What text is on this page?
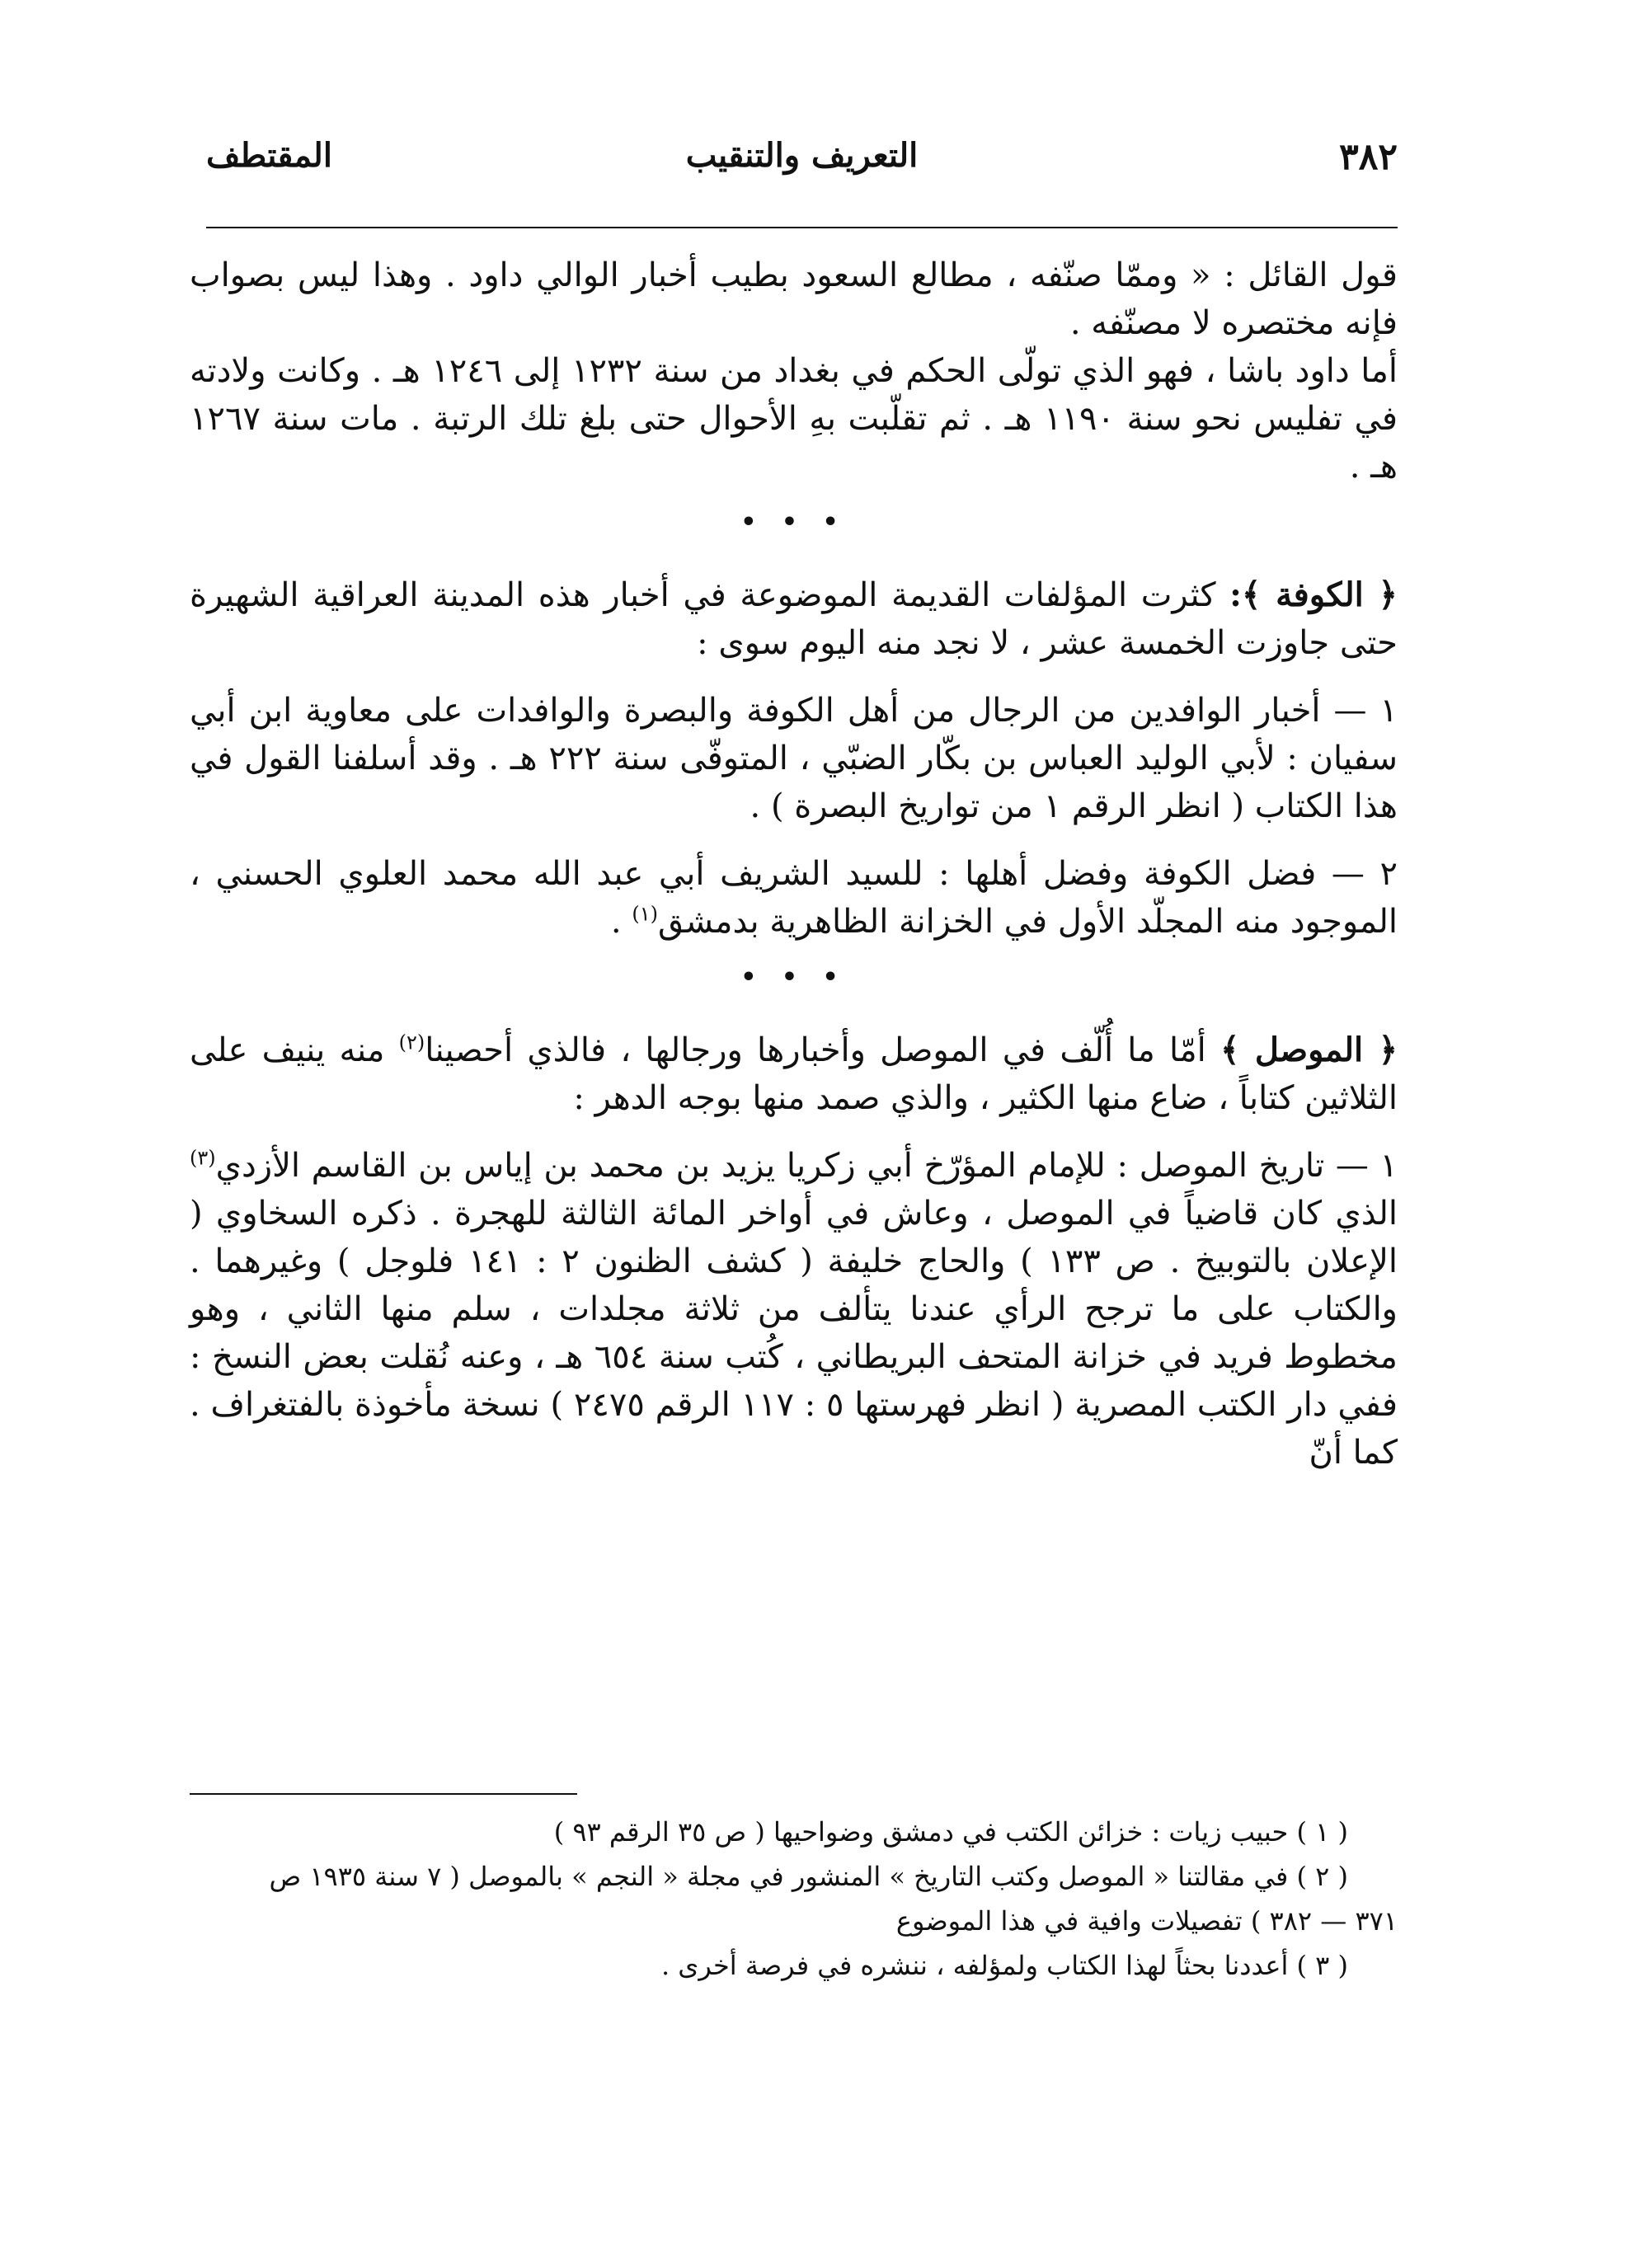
٣٨٢
التعريف والتنقيب
المقتطف

قول القائل : « وممّا صنّفه ، مطالع السعود بطيب أخبار الوالي داود . وهذا ليس بصواب فإنه مختصره لا مصنّفه .

أما داود باشا ، فهو الذي تولّى الحكم في بغداد من سنة ١٢٣٢ إلى ١٢٤٦ هـ . وكانت ولادته في تفليس نحو سنة ١١٩٠ هـ . ثم تقلّبت بهِ الأحوال حتى بلغ تلك الرتبة . مات سنة ١٢٦٧ هـ .

• • •

﴿ الكوفة ﴾: كثرت المؤلفات القديمة الموضوعة في أخبار هذه المدينة العراقية الشهيرة حتى جاوزت الخمسة عشر ، لا نجد منه اليوم سوى :

١ — أخبار الوافدين من الرجال من أهل الكوفة والبصرة والوافدات على معاوية ابن أبي سفيان : لأبي الوليد العباس بن بكّار الضبّي ، المتوفّى سنة ٢٢٢ هـ . وقد أسلفنا القول في هذا الكتاب ( انظر الرقم ١ من تواريخ البصرة ) .

٢ — فضل الكوفة وفضل أهلها : للسيد الشريف أبي عبد الله محمد العلوي الحسني ، الموجود منه المجلّد الأول في الخزانة الظاهرية بدمشق$^{(١)}$ .

• • •

﴿ الموصل ﴾ أمّا ما أُلّف في الموصل وأخبارها ورجالها ، فالذي أحصينا$^{(٢)}$ منه ينيف على الثلاثين كتاباً ، ضاع منها الكثير ، والذي صمد منها بوجه الدهر :

١ — تاريخ الموصل : للإمام المؤرّخ أبي زكريا يزيد بن محمد بن إياس بن القاسم الأزدي$^{(٣)}$ الذي كان قاضياً في الموصل ، وعاش في أواخر المائة الثالثة للهجرة . ذكره السخاوي ( الإعلان بالتوبيخ . ص ١٣٣ ) والحاج خليفة ( كشف الظنون ٢ : ١٤١ فلوجل ) وغيرهما . والكتاب على ما ترجح الرأي عندنا يتألف من ثلاثة مجلدات ، سلم منها الثاني ، وهو مخطوط فريد في خزانة المتحف البريطاني ، كُتب سنة ٦٥٤ هـ ، وعنه نُقلت بعض النسخ : ففي دار الكتب المصرية ( انظر فهرستها ٥ : ١١٧ الرقم ٢٤٧٥ ) نسخة مأخوذة بالفتغراف . كما أنّ

( ١ ) حبيب زيات : خزائن الكتب في دمشق وضواحيها ( ص ٣٥ الرقم ٩٣ )

( ٢ ) في مقالتنا « الموصل وكتب التاريخ » المنشور في مجلة « النجم » بالموصل ( ٧ سنة ١٩٣٥ ص

٣٧١ — ٣٨٢ ) تفصيلات وافية في هذا الموضوع

( ٣ ) أعددنا بحثاً لهذا الكتاب ولمؤلفه ، ننشره في فرصة أخرى .
